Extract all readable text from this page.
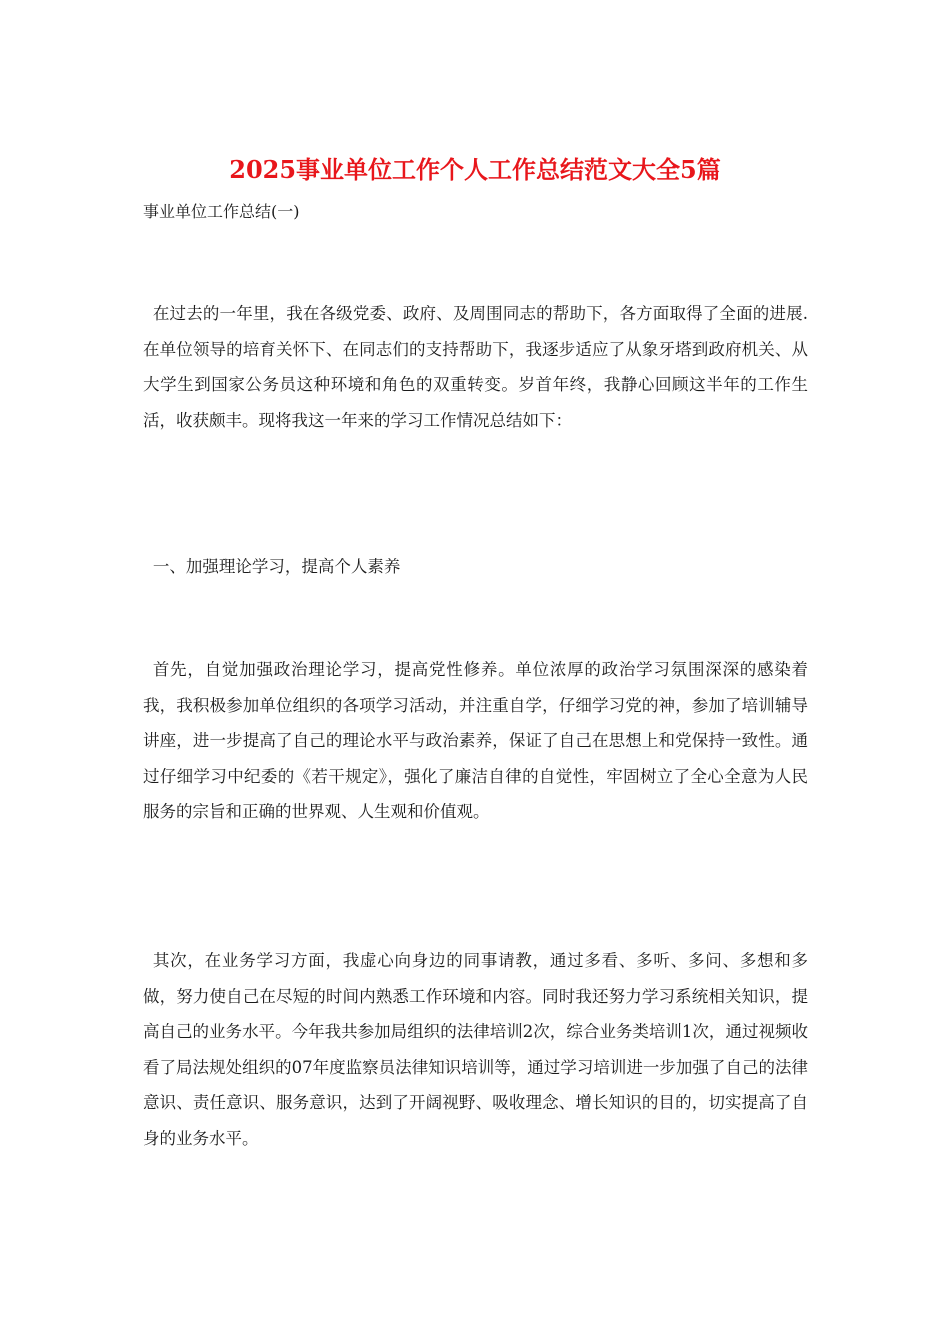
2025事业单位工作个人工作总结范文大全5篇
事业单位工作总结(一)

在过去的一年里，我在各级党委、政府、及周围同志的帮助下，各方面取得了全面的进展.在单位领导的培育关怀下、在同志们的支持帮助下，我逐步适应了从象牙塔到政府机关、从大学生到国家公务员这种环境和角色的双重转变。岁首年终，我静心回顾这半年的工作生活，收获颇丰。现将我这一年来的学习工作情况总结如下：

一、加强理论学习，提高个人素养

首先，自觉加强政治理论学习，提高党性修养。单位浓厚的政治学习氛围深深的感染着我，我积极参加单位组织的各项学习活动，并注重自学，仔细学习党的神，参加了培训辅导讲座，进一步提高了自己的理论水平与政治素养，保证了自己在思想上和党保持一致性。通过仔细学习中纪委的《若干规定》，强化了廉洁自律的自觉性，牢固树立了全心全意为人民服务的宗旨和正确的世界观、人生观和价值观。

其次，在业务学习方面，我虚心向身边的同事请教，通过多看、多听、多问、多想和多做，努力使自己在尽短的时间内熟悉工作环境和内容。同时我还努力学习系统相关知识，提高自己的业务水平。今年我共参加局组织的法律培训2次，综合业务类培训1次，通过视频收看了局法规处组织的07年度监察员法律知识培训等，通过学习培训进一步加强了自己的法律意识、责任意识、服务意识，达到了开阔视野、吸收理念、增长知识的目的，切实提高了自身的业务水平。
